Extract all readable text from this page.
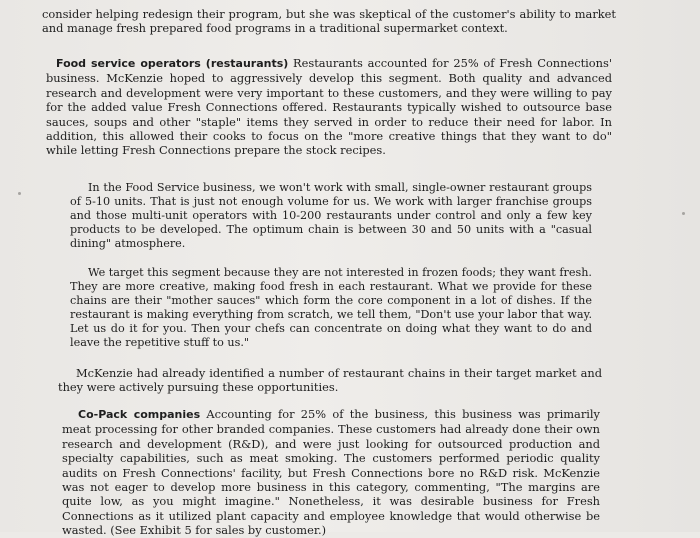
consider helping redesign their program, but she was skeptical of the customer's ability to market and manage fresh prepared food programs in a traditional supermarket context.

Food service operators (restaurants) Restaurants accounted for 25% of Fresh Connections' business. McKenzie hoped to aggressively develop this segment. Both quality and advanced research and development were very important to these customers, and they were willing to pay for the added value Fresh Connections offered. Restaurants typically wished to outsource base sauces, soups and other "staple" items they served in order to reduce their need for labor. In addition, this allowed their cooks to focus on the "more creative things that they want to do" while letting Fresh Connections prepare the stock recipes.

In the Food Service business, we won't work with small, single-owner restaurant groups of 5-10 units. That is just not enough volume for us. We work with larger franchise groups and those multi-unit operators with 10-200 restaurants under control and only a few key products to be developed. The optimum chain is between 30 and 50 units with a "casual dining" atmosphere.

We target this segment because they are not interested in frozen foods; they want fresh. They are more creative, making food fresh in each restaurant. What we provide for these chains are their "mother sauces" which form the core component in a lot of dishes. If the restaurant is making everything from scratch, we tell them, "Don't use your labor that way. Let us do it for you. Then your chefs can concentrate on doing what they want to do and leave the repetitive stuff to us."

McKenzie had already identified a number of restaurant chains in their target market and they were actively pursuing these opportunities.

Co-Pack companies Accounting for 25% of the business, this business was primarily meat processing for other branded companies. These customers had already done their own research and development (R&D), and were just looking for outsourced production and specialty capabilities, such as meat smoking. The customers performed periodic quality audits on Fresh Connections' facility, but Fresh Connections bore no R&D risk. McKenzie was not eager to develop more business in this category, commenting, "The margins are quite low, as you might imagine." Nonetheless, it was desirable business for Fresh Connections as it utilized plant capacity and employee knowledge that would otherwise be wasted. (See Exhibit 5 for sales by customer.)
